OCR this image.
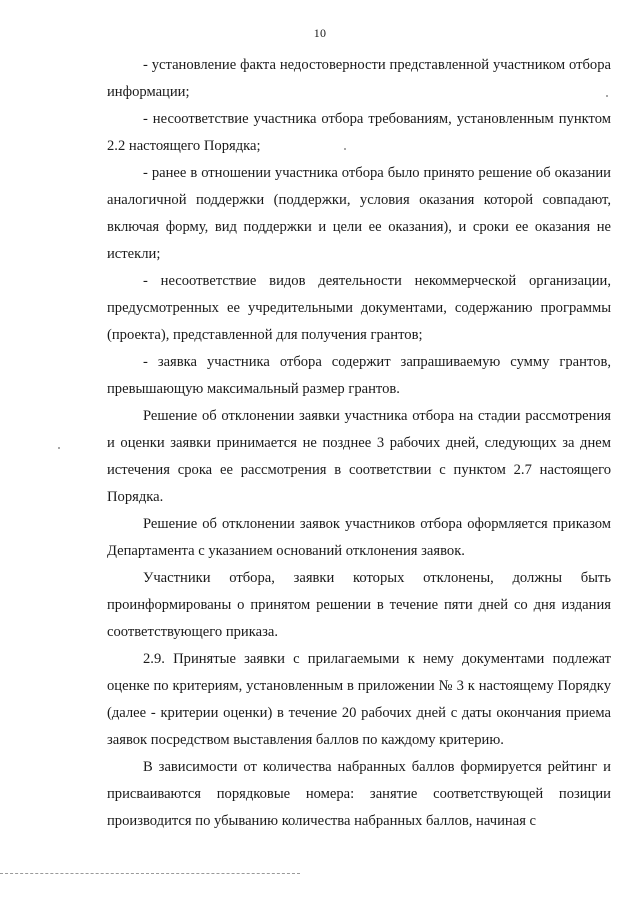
10

- установление факта недостоверности представленной участником отбора информации;

- несоответствие участника отбора требованиям, установленным пунктом 2.2 настоящего Порядка;

- ранее в отношении участника отбора было принято решение об оказании аналогичной поддержки (поддержки, условия оказания которой совпадают, включая форму, вид поддержки и цели ее оказания), и сроки ее оказания не истекли;

- несоответствие видов деятельности некоммерческой организации, предусмотренных ее учредительными документами, содержанию программы (проекта), представленной для получения грантов;

- заявка участника отбора содержит запрашиваемую сумму грантов, превышающую максимальный размер грантов.

Решение об отклонении заявки участника отбора на стадии рассмотрения и оценки заявки принимается не позднее 3 рабочих дней, следующих за днем истечения срока ее рассмотрения в соответствии с пунктом 2.7 настоящего Порядка.

Решение об отклонении заявок участников отбора оформляется приказом Департамента с указанием оснований отклонения заявок.

Участники отбора, заявки которых отклонены, должны быть проинформированы о принятом решении в течение пяти дней со дня издания соответствующего приказа.

2.9. Принятые заявки с прилагаемыми к нему документами подлежат оценке по критериям, установленным в приложении № 3 к настоящему Порядку (далее - критерии оценки) в течение 20 рабочих дней с даты окончания приема заявок посредством выставления баллов по каждому критерию.

В зависимости от количества набранных баллов формируется рейтинг и присваиваются порядковые номера: занятие соответствующей позиции производится по убыванию количества набранных баллов, начиная с
